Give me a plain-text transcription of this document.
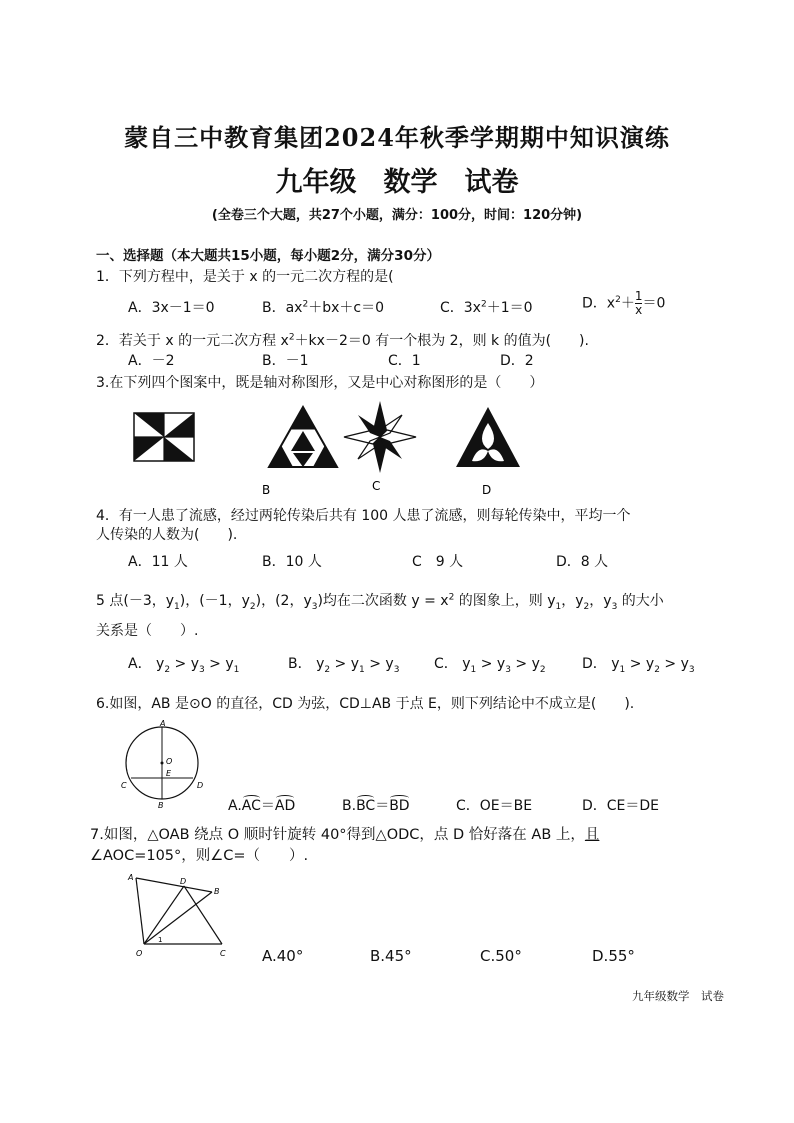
蒙自三中教育集团2024年秋季学期期中知识演练
九年级　数学　试卷
(全卷三个大题，共27个小题，满分：100分，时间：120分钟)
一、选择题（本大题共15小题，每小题2分，满分30分）
1．下列方程中，是关于 x 的一元二次方程的是(
A．3x－1＝0	B．$ax^2+bx+c=0$	C．$3x^2+1=0$	D．$x^2+ \frac{1}{x} =0$
2．若关于 x 的一元二次方程 $x^2+kx-2=0$ 有一个根为 2，则 k 的值为(　　).
A．－2	B．－1	C．1	D．2
3.在下列四个图案中，既是轴对称图形，又是中心对称图形的是（　　）
B	C	D
4．有一人患了流感，经过两轮传染后共有 100 人患了流感，则每轮传染中，平均一个
人传染的人数为(　　).
A．11 人	B．10 人	C　9 人	D．8 人
5 点(－3，$y_1$)，(－1，$y_2$)，(2，$y_3$)均在二次函数 $y = x^2$ 的图象上，则 $y_1$，$y_2$，$y_3$ 的大小
关系是（　　）.
A． $y_2 > y_3 > y_1$	B． $y_2 > y_1 > y_3$ C． $y_1 > y_3 > y_2$	D． $y_1 > y_2 > y_3$
6.如图，AB 是⊙O 的直径，CD 为弦，CD⊥AB 于点 E，则下列结论中不成立是(　　).
A
B
C	D
O
E
A.AC＝AD	B.BC＝BD	C．OE＝BE	D．CE＝DE
7.如图，△OAB 绕点 O 顺时针旋转 40°得到△ODC，点 D 恰好落在 AB 上，且
∠AOC=105°，则∠C=（　　）.
A	D
B
O	C
1
A.40°	B.45°	C.50°	D.55°
九年级数学　试卷
